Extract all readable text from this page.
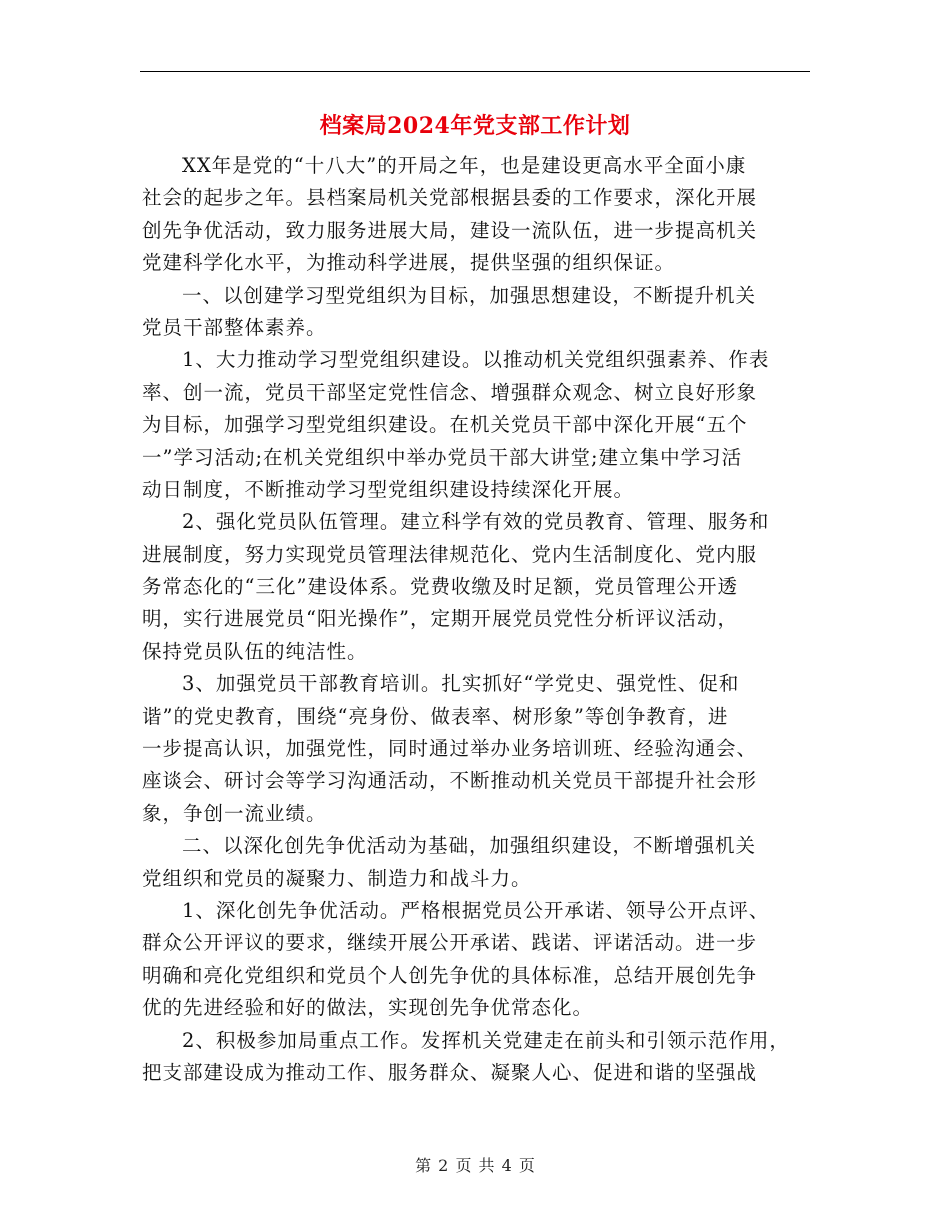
档案局2024年党支部工作计划
XX年是党的“十八大”的开局之年，也是建设更高水平全面小康
社会的起步之年。县档案局机关党部根据县委的工作要求，深化开展
创先争优活动，致力服务进展大局，建设一流队伍，进一步提高机关
党建科学化水平，为推动科学进展，提供坚强的组织保证。
一、以创建学习型党组织为目标，加强思想建设，不断提升机关
党员干部整体素养。
1、大力推动学习型党组织建设。以推动机关党组织强素养、作表
率、创一流，党员干部坚定党性信念、增强群众观念、树立良好形象
为目标，加强学习型党组织建设。在机关党员干部中深化开展“五个
一”学习活动;在机关党组织中举办党员干部大讲堂;建立集中学习活
动日制度，不断推动学习型党组织建设持续深化开展。
2、强化党员队伍管理。建立科学有效的党员教育、管理、服务和
进展制度，努力实现党员管理法律规范化、党内生活制度化、党内服
务常态化的“三化”建设体系。党费收缴及时足额，党员管理公开透
明，实行进展党员“阳光操作”，定期开展党员党性分析评议活动，
保持党员队伍的纯洁性。
3、加强党员干部教育培训。扎实抓好“学党史、强党性、促和
谐”的党史教育，围绕“亮身份、做表率、树形象”等创争教育，进
一步提高认识，加强党性，同时通过举办业务培训班、经验沟通会、
座谈会、研讨会等学习沟通活动，不断推动机关党员干部提升社会形
象，争创一流业绩。
二、以深化创先争优活动为基础，加强组织建设，不断增强机关
党组织和党员的凝聚力、制造力和战斗力。
1、深化创先争优活动。严格根据党员公开承诺、领导公开点评、
群众公开评议的要求，继续开展公开承诺、践诺、评诺活动。进一步
明确和亮化党组织和党员个人创先争优的具体标准，总结开展创先争
优的先进经验和好的做法，实现创先争优常态化。
2、积极参加局重点工作。发挥机关党建走在前头和引领示范作用，
把支部建设成为推动工作、服务群众、凝聚人心、促进和谐的坚强战
第 2 页 共 4 页
